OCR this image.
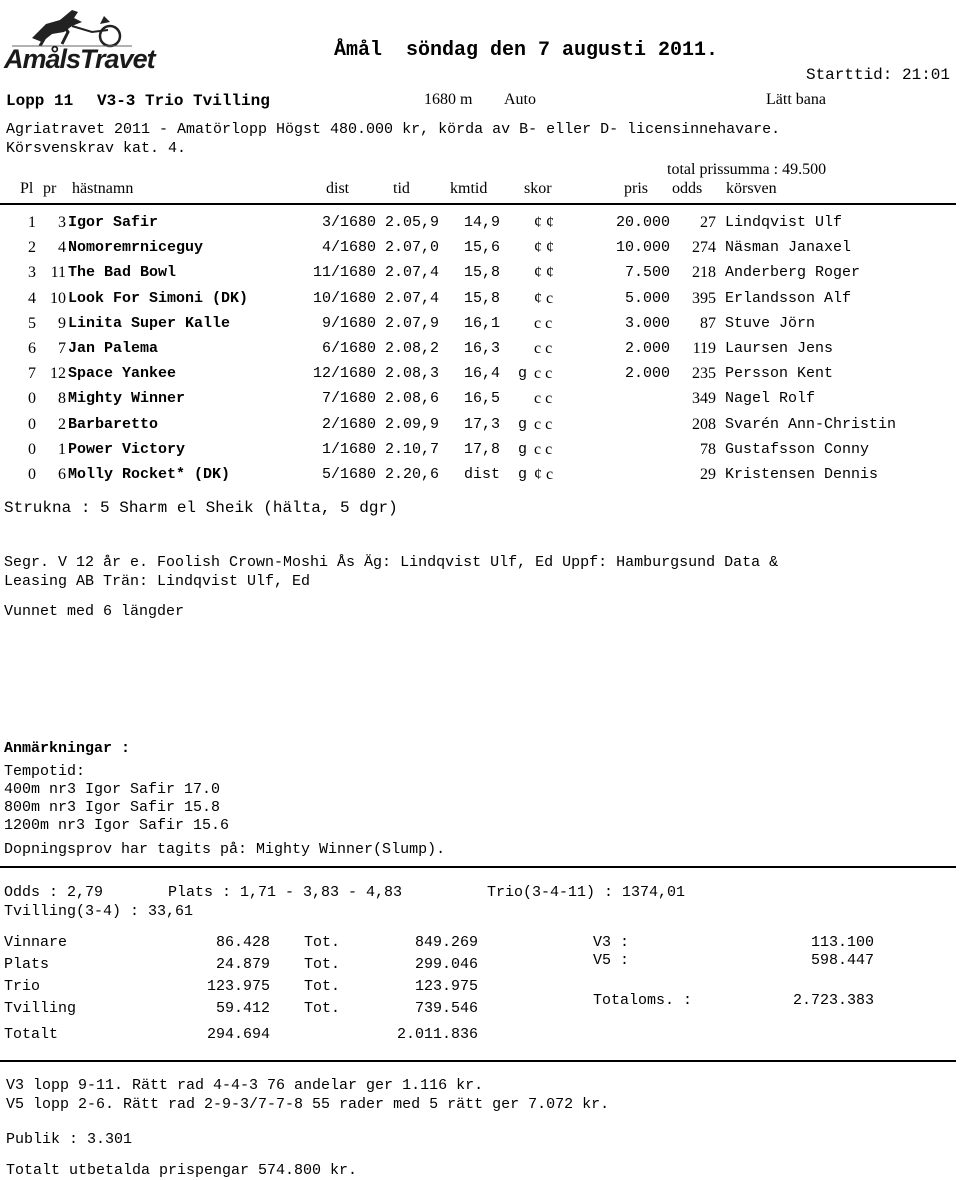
AmålsTravet	Åmål  söndag den 7 augusti 2011.
Starttid: 21:01
Lopp 11 V3-3 Trio Tvilling	1680 m Auto	Lätt bana
Agriatravet 2011 - Amatörlopp Högst 480.000 kr, körda av B- eller D- licensinnehavare.
Körsvenskrav kat. 4.
total prissumma : 49.500
Pl pr hästnamn	dist	tid	kmtid skor	pris odds körsven
1	3 Igor Safir	3/1680 2.05,9	14,9	¢ ¢	20.000	27 Lindqvist Ulf
2	4 Nomoremrniceguy	4/1680 2.07,0	15,6	¢ ¢	10.000	274 Näsman Janaxel
3 11 The Bad Bowl	11/1680 2.07,4	15,8	¢ ¢	7.500	218 Anderberg Roger
4 10 Look For Simoni (DK)	10/1680 2.07,4	15,8	¢ c	5.000	395 Erlandsson Alf
5	9 Linita Super Kalle	9/1680 2.07,9	16,1	c c	3.000	87 Stuve Jörn
6	7 Jan Palema	6/1680 2.08,2	16,3	c c	2.000	119 Laursen Jens
7 12 Space Yankee	12/1680 2.08,3	16,4	g c c	2.000	235 Persson Kent
0	8 Mighty Winner	7/1680 2.08,6	16,5	c c	349 Nagel Rolf
0	2 Barbaretto	2/1680 2.09,9	17,3	g c c	208 Svarén Ann-Christin
0	1 Power Victory	1/1680 2.10,7	17,8	g c c	78 Gustafsson Conny
0	6 Molly Rocket* (DK)	5/1680 2.20,6	dist	g ¢ c	29 Kristensen Dennis
Strukna : 5 Sharm el Sheik (hälta, 5 dgr)
Segr. V 12 år e. Foolish Crown-Moshi Ås Äg: Lindqvist Ulf, Ed Uppf: Hamburgsund Data &
Leasing AB Trän: Lindqvist Ulf, Ed
Vunnet med 6 längder
Anmärkningar :
Tempotid:
400m nr3 Igor Safir 17.0
800m nr3 Igor Safir 15.8
1200m nr3 Igor Safir 15.6
Dopningsprov har tagits på: Mighty Winner(Slump).
Odds : 2,79	Plats : 1,71 - 3,83 - 4,83	Trio(3-4-11) : 1374,01
Tvilling(3-4) : 33,61
Vinnare	86.428 Tot.	849.269
Plats	24.879 Tot.	299.046
Trio	123.975 Tot.	123.975
Tvilling	59.412 Tot.	739.546
Totalt	294.694	2.011.836
V3 :	113.100
V5 :	598.447
Totaloms. :	2.723.383
V3 lopp 9-11. Rätt rad 4-4-3 76 andelar ger 1.116 kr.
V5 lopp 2-6. Rätt rad 2-9-3/7-7-8 55 rader med 5 rätt ger 7.072 kr.
Publik : 3.301
Totalt utbetalda prispengar 574.800 kr.
